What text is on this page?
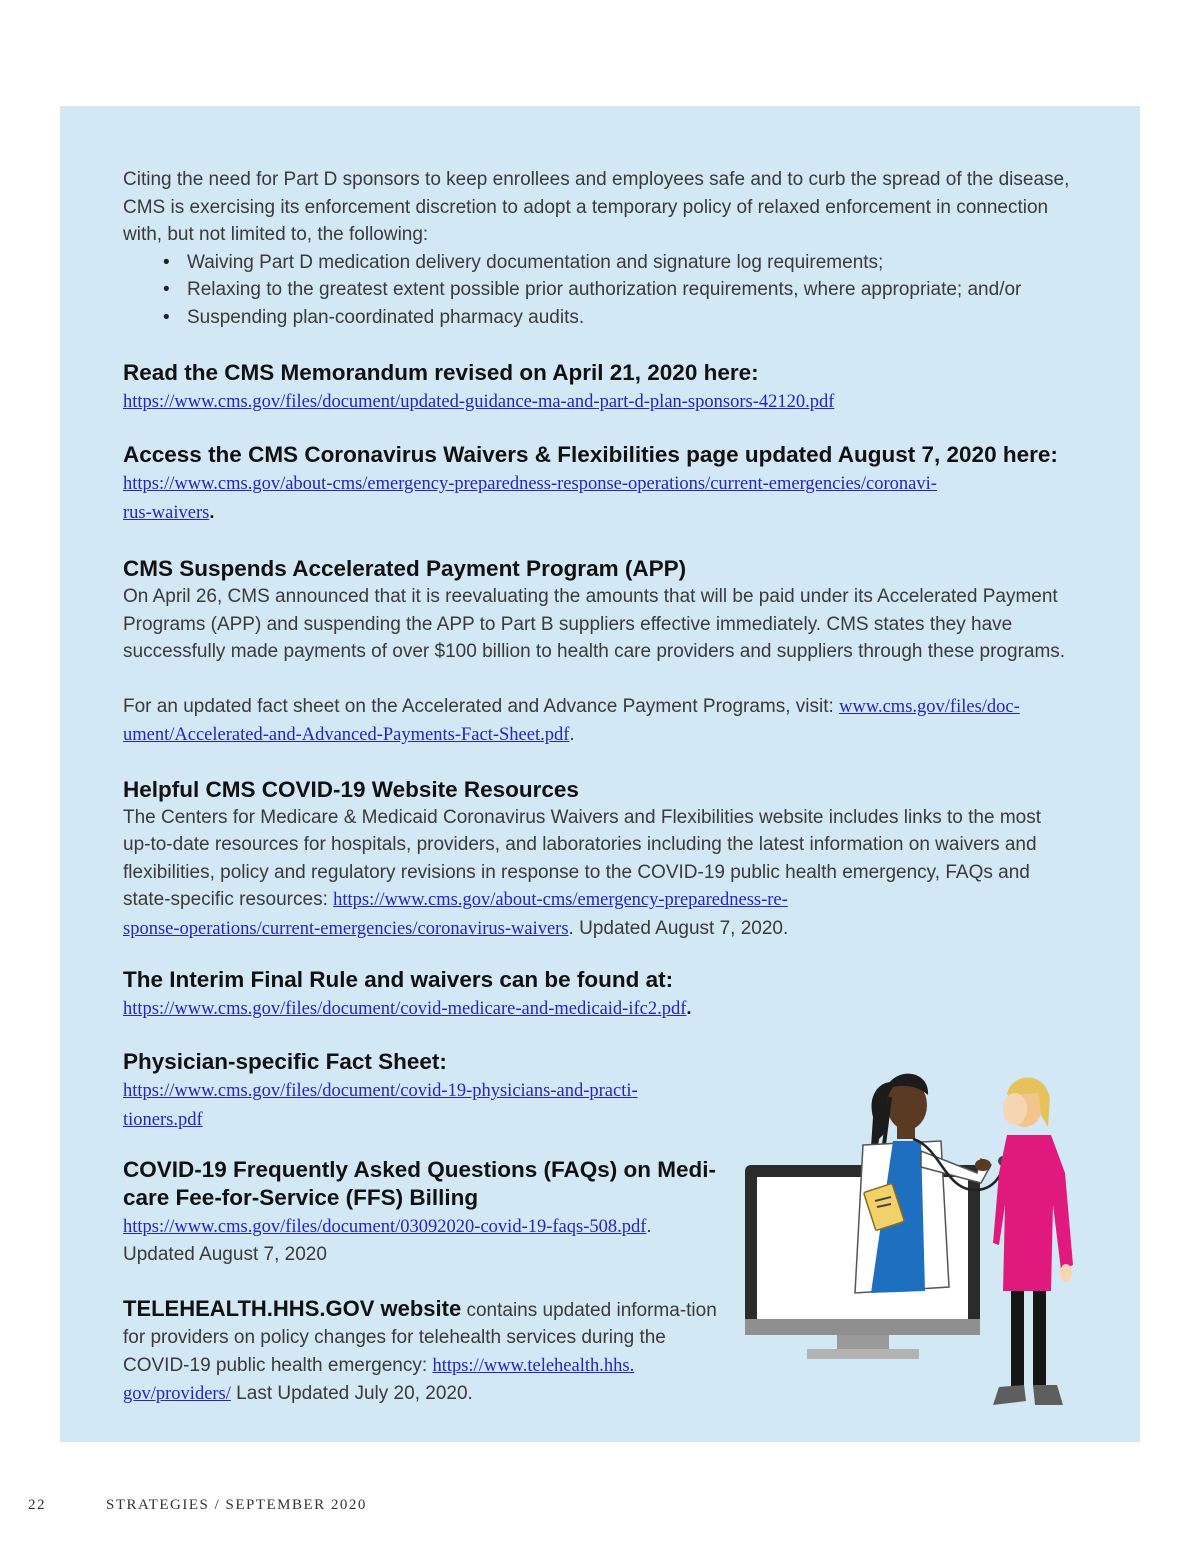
Citing the need for Part D sponsors to keep enrollees and employees safe and to curb the spread of the disease, CMS is exercising its enforcement discretion to adopt a temporary policy of relaxed enforcement in connection with, but not limited to, the following:

• Waiving Part D medication delivery documentation and signature log requirements;
• Relaxing to the greatest extent possible prior authorization requirements, where appropriate; and/or
• Suspending plan-coordinated pharmacy audits.
Read the CMS Memorandum revised on April 21, 2020 here:
https://www.cms.gov/files/document/updated-guidance-ma-and-part-d-plan-sponsors-42120.pdf
Access the CMS Coronavirus Waivers & Flexibilities page updated August 7, 2020 here:
https://www.cms.gov/about-cms/emergency-preparedness-response-operations/current-emergencies/coronavi-
rus-waivers.
CMS Suspends Accelerated Payment Program (APP)

On April 26, CMS announced that it is reevaluating the amounts that will be paid under its Accelerated Payment Programs (APP) and suspending the APP to Part B suppliers effective immediately. CMS states they have successfully made payments of over $100 billion to health care providers and suppliers through these programs.

For an updated fact sheet on the Accelerated and Advance Payment Programs, visit: www.cms.gov/files/doc-
ument/Accelerated-and-Advanced-Payments-Fact-Sheet.pdf.

Helpful CMS COVID-19 Website Resources

The Centers for Medicare & Medicaid Coronavirus Waivers and Flexibilities website includes links to the most up-to-date resources for hospitals, providers, and laboratories including the latest information on waivers and flexibilities, policy and regulatory revisions in response to the COVID-19 public health emergency, FAQs and state-specific resources: https://www.cms.gov/about-cms/emergency-preparedness-re-
sponse-operations/current-emergencies/coronavirus-waivers. Updated August 7, 2020.

The Interim Final Rule and waivers can be found at:
https://www.cms.gov/files/document/covid-medicare-and-medicaid-ifc2.pdf.
Physician-specific Fact Sheet:
https://www.cms.gov/files/document/covid-19-physicians-and-practi-
tioners.pdf
COVID-19 Frequently Asked Questions (FAQs) on Medi-
care Fee-for-Service (FFS) Billing
https://www.cms.gov/files/document/03092020-covid-19-faqs-508.pdf.

Updated August 7, 2020

TELEHEALTH.HHS.GOV website contains updated informa-tion for providers on policy changes for telehealth services during the COVID-19 public health emergency: https://www.telehealth.hhs.
gov/providers/ Last Updated July 20, 2020.

22	STRATEGIES / SEPTEMBER 2020
